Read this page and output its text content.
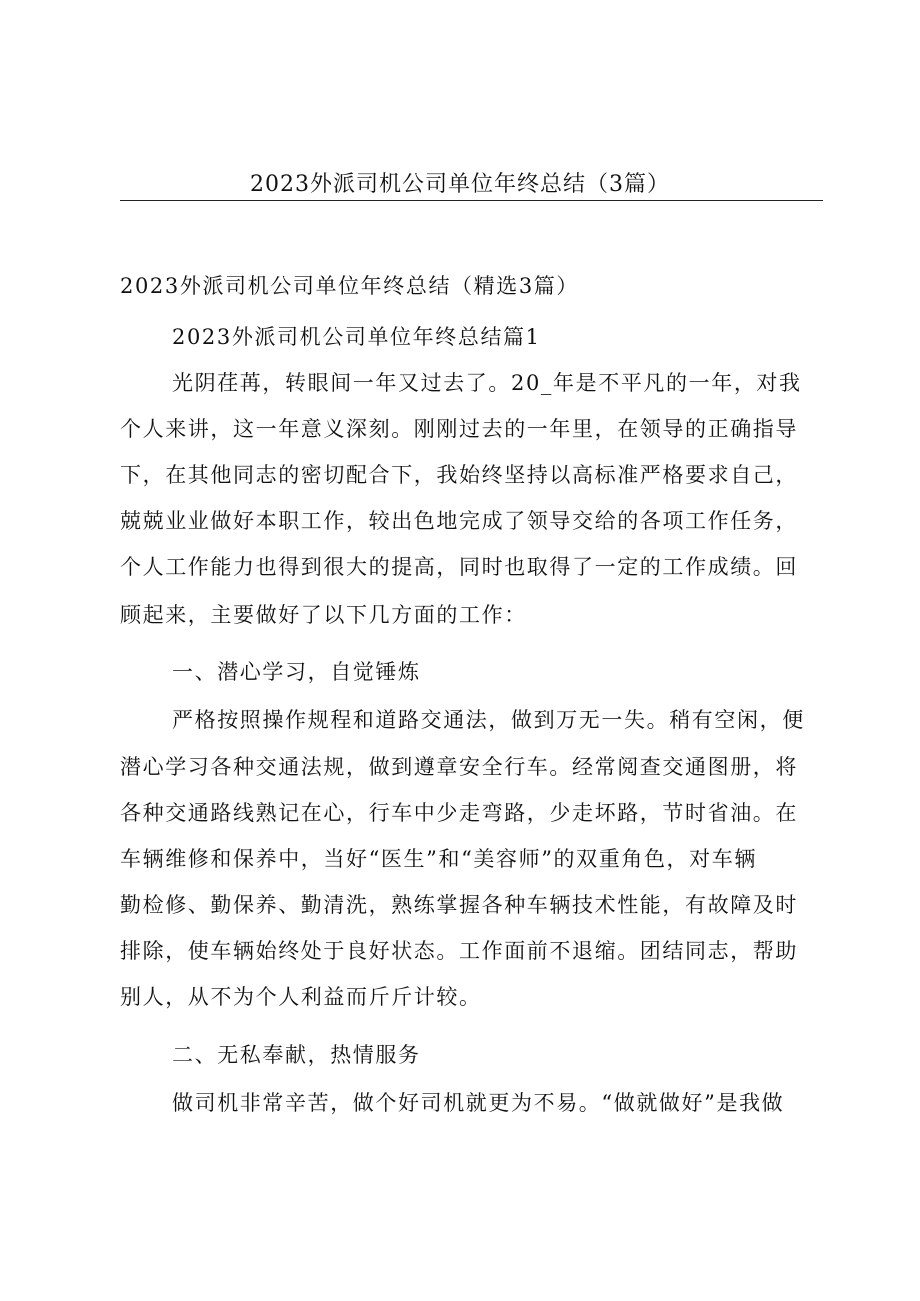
2023外派司机公司单位年终总结（3篇）
2023外派司机公司单位年终总结（精选3篇）
2023外派司机公司单位年终总结篇1
光阴荏苒，转眼间一年又过去了。20_年是不平凡的一年，对我
个人来讲，这一年意义深刻。刚刚过去的一年里，在领导的正确指导
下，在其他同志的密切配合下，我始终坚持以高标准严格要求自己，
兢兢业业做好本职工作，较出色地完成了领导交给的各项工作任务，
个人工作能力也得到很大的提高，同时也取得了一定的工作成绩。回
顾起来，主要做好了以下几方面的工作：
一、潜心学习，自觉锤炼
严格按照操作规程和道路交通法，做到万无一失。稍有空闲，便
潜心学习各种交通法规，做到遵章安全行车。经常阅查交通图册，将
各种交通路线熟记在心，行车中少走弯路，少走坏路，节时省油。在
车辆维修和保养中，当好“医生”和“美容师”的双重角色，对车辆
勤检修、勤保养、勤清洗，熟练掌握各种车辆技术性能，有故障及时
排除，使车辆始终处于良好状态。工作面前不退缩。团结同志，帮助
别人，从不为个人利益而斤斤计较。
二、无私奉献，热情服务
做司机非常辛苦，做个好司机就更为不易。“做就做好”是我做
